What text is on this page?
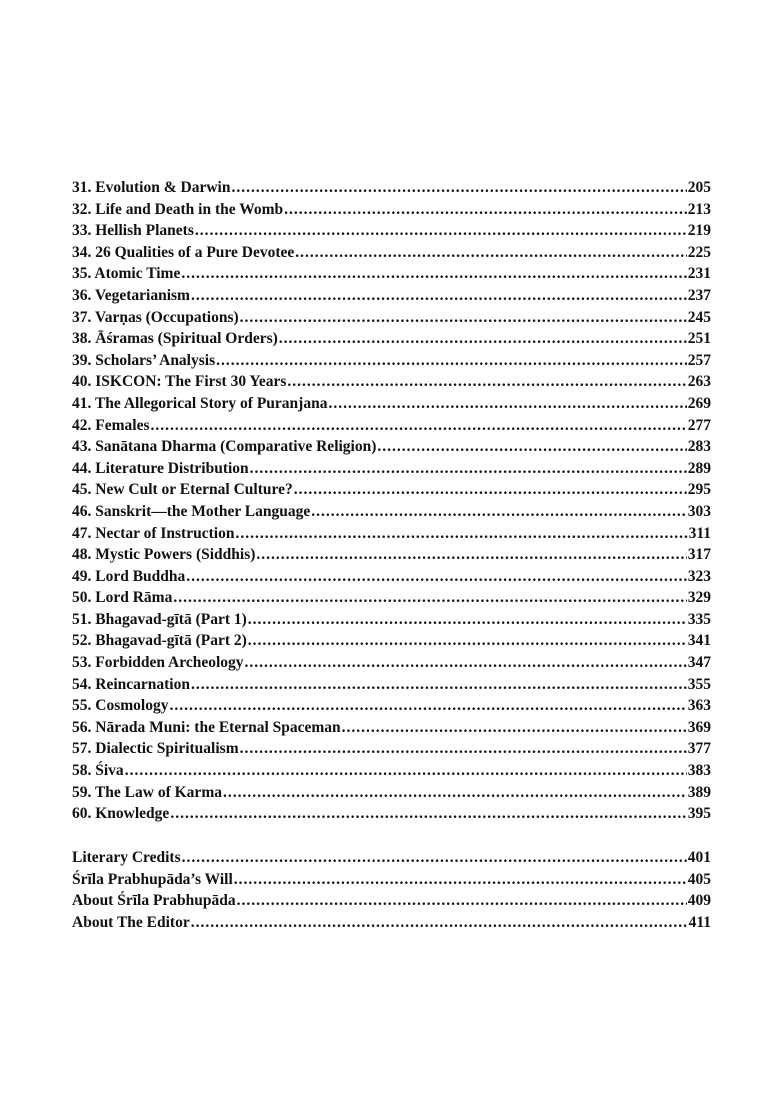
31. Evolution & Darwin .....	205
32. Life and Death in the Womb .....	213
33. Hellish Planets .....	219
34. 26 Qualities of a Pure Devotee .....	225
35. Atomic Time .....	231
36. Vegetarianism .....	237
37. Varṇas (Occupations) .....	245
38. Āśramas (Spiritual Orders) .....	251
39. Scholars’ Analysis .....	257
40. ISKCON: The First 30 Years .....	263
41. The Allegorical Story of Puranjana .....	269
42. Females .....	277
43. Sanātana Dharma (Comparative Religion) .....	283
44. Literature Distribution .....	289
45. New Cult or Eternal Culture? .....	295
46. Sanskrit—the Mother Language .....	303
47. Nectar of Instruction .....	311
48. Mystic Powers (Siddhis) .....	317
49. Lord Buddha .....	323
50. Lord Rāma .....	329
51. Bhagavad-gītā (Part 1) .....	335
52. Bhagavad-gītā (Part 2) .....	341
53. Forbidden Archeology .....	347
54. Reincarnation .....	355
55. Cosmology .....	363
56. Nārada Muni: the Eternal Spaceman .....	369
57. Dialectic Spiritualism .....	377
58. Śiva .....	383
59. The Law of Karma .....	389
60. Knowledge .....	395
Literary Credits .....	401
Śrīla Prabhupāda’s Will .....	405
About Śrīla Prabhupāda .....	409
About The Editor .....	411
